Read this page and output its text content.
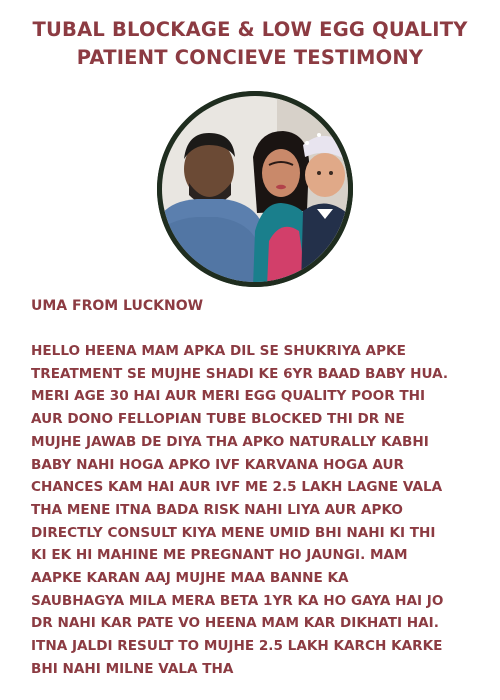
TUBAL BLOCKAGE & LOW EGG QUALITY
PATIENT CONCIEVE TESTIMONY
UMA FROM LUCKNOW
HELLO HEENA MAM APKA DIL SE SHUKRIYA APKE
TREATMENT SE MUJHE SHADI KE 6YR BAAD BABY HUA.
MERI AGE 30 HAI AUR MERI EGG QUALITY POOR THI
AUR DONO FELLOPIAN TUBE BLOCKED THI DR NE
MUJHE JAWAB DE DIYA THA APKO NATURALLY KABHI
BABY NAHI HOGA APKO IVF KARVANA HOGA AUR
CHANCES KAM HAI AUR IVF ME 2.5 LAKH LAGNE VALA
THA MENE ITNA BADA RISK NAHI LIYA AUR APKO
DIRECTLY CONSULT KIYA MENE UMID BHI NAHI KI THI
KI EK HI MAHINE ME PREGNANT HO JAUNGI. MAM
AAPKE KARAN AAJ MUJHE MAA BANNE KA
SAUBHAGYA MILA MERA BETA 1YR KA HO GAYA HAI JO
DR NAHI KAR PATE VO HEENA MAM KAR DIKHATI HAI.
ITNA JALDI RESULT TO MUJHE 2.5 LAKH KARCH KARKE
BHI NAHI MILNE VALA THA
